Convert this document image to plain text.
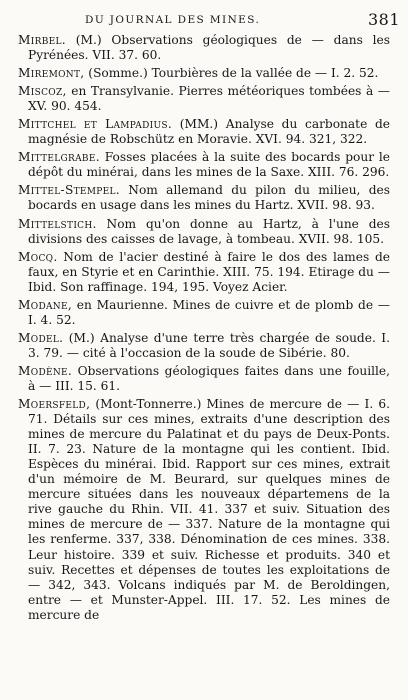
DU JOURNAL DES MINES.	381

Mirbel. (M.) Observations géologiques de — dans les Pyrénées. VII. 37. 60.

Miremont, (Somme.) Tourbières de la vallée de — I. 2. 52.

Miscoz, en Transylvanie. Pierres météoriques tombées à — XV. 90. 454.

Mittchel et Lampadius. (MM.) Analyse du carbonate de magnésie de Robschütz en Moravie. XVI. 94. 321, 322.

Mittelgrabe. Fosses placées à la suite des bocards pour le dépôt du minérai, dans les mines de la Saxe. XIII. 76. 296.

Mittel-Stempel. Nom allemand du pilon du milieu, des bocards en usage dans les mines du Hartz. XVII. 98. 93.

Mittelstich. Nom qu'on donne au Hartz, à l'une des divisions des caisses de lavage, à tombeau. XVII. 98. 105.

Mocq. Nom de l'acier destiné à faire le dos des lames de faux, en Styrie et en Carinthie. XIII. 75. 194. Etirage du — Ibid. Son raffinage. 194, 195. Voyez Acier.

Modane, en Maurienne. Mines de cuivre et de plomb de — I. 4. 52.

Model. (M.) Analyse d'une terre très chargée de soude. I. 3. 79. — cité à l'occasion de la soude de Sibérie. 80.

Modène. Observations géologiques faites dans une fouille, à — III. 15. 61.

Moersfeld, (Mont-Tonnerre.) Mines de mercure de — I. 6. 71. Détails sur ces mines, extraits d'une description des mines de mercure du Palatinat et du pays de Deux-Ponts. II. 7. 23. Nature de la montagne qui les contient. Ibid. Espèces du minérai. Ibid. Rapport sur ces mines, extrait d'un mémoire de M. Beurard, sur quelques mines de mercure situées dans les nouveaux départemens de la rive gauche du Rhin. VII. 41. 337 et suiv. Situation des mines de mercure de — 337. Nature de la montagne qui les renferme. 337, 338. Dénomination de ces mines. 338. Leur histoire. 339 et suiv. Richesse et produits. 340 et suiv. Recettes et dépenses de toutes les exploitations de — 342, 343. Volcans indiqués par M. de Beroldingen, entre — et Munster-Appel. III. 17. 52. Les mines de mercure de
